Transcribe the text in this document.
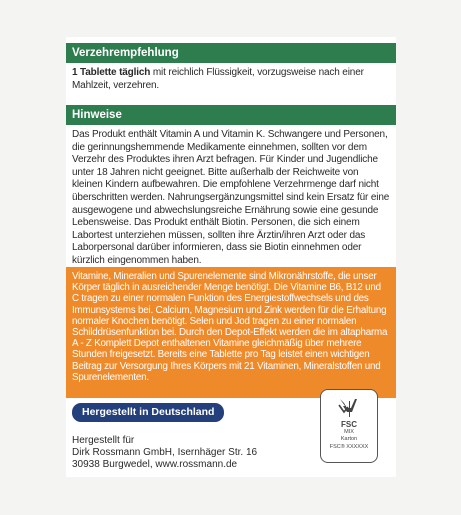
Verzehrempfehlung
1 Tablette täglich mit reichlich Flüssigkeit, vorzugsweise nach einer Mahlzeit, verzehren.
Hinweise
Das Produkt enthält Vitamin A und Vitamin K. Schwangere und Personen, die gerinnungshemmende Medikamente einnehmen, sollten vor dem Verzehr des Produktes ihren Arzt befragen. Für Kinder und Jugendliche unter 18 Jahren nicht geeignet. Bitte außerhalb der Reichweite von kleinen Kindern aufbewahren. Die empfohlene Verzehrmenge darf nicht überschritten werden. Nahrungsergänzungsmittel sind kein Ersatz für eine ausgewogene und abwechslungsreiche Ernährung sowie eine gesunde Lebensweise. Das Produkt enthält Biotin. Personen, die sich einem Labortest unterziehen müssen, sollten ihre Ärztin/ihren Arzt oder das Laborpersonal darüber informieren, dass sie Biotin einnehmen oder kürzlich eingenommen haben.
Vitamine, Mineralien und Spurenelemente sind Mikronährstoffe, die unser Körper täglich in ausreichender Menge benötigt. Die Vitamine B6, B12 und C tragen zu einer normalen Funktion des Energiestoffwechsels und des Immunsystems bei. Calcium, Magnesium und Zink werden für die Erhaltung normaler Knochen benötigt. Selen und Jod tragen zu einer normalen Schilddrüsenfunktion bei. Durch den Depot-Effekt werden die im altapharma A - Z Komplett Depot enthaltenen Vitamine gleichmäßig über mehrere Stunden freigesetzt. Bereits eine Tablette pro Tag leistet einen wichtigen Beitrag zur Versorgung Ihres Körpers mit 21 Vitaminen, Mineralstoffen und Spurenelementen.
Hergestellt in Deutschland
Hergestellt für
Dirk Rossmann GmbH, Isernhäger Str. 16
30938 Burgwedel, www.rossmann.de
FSC
MIX
Karton
FSC® XXXXXX
